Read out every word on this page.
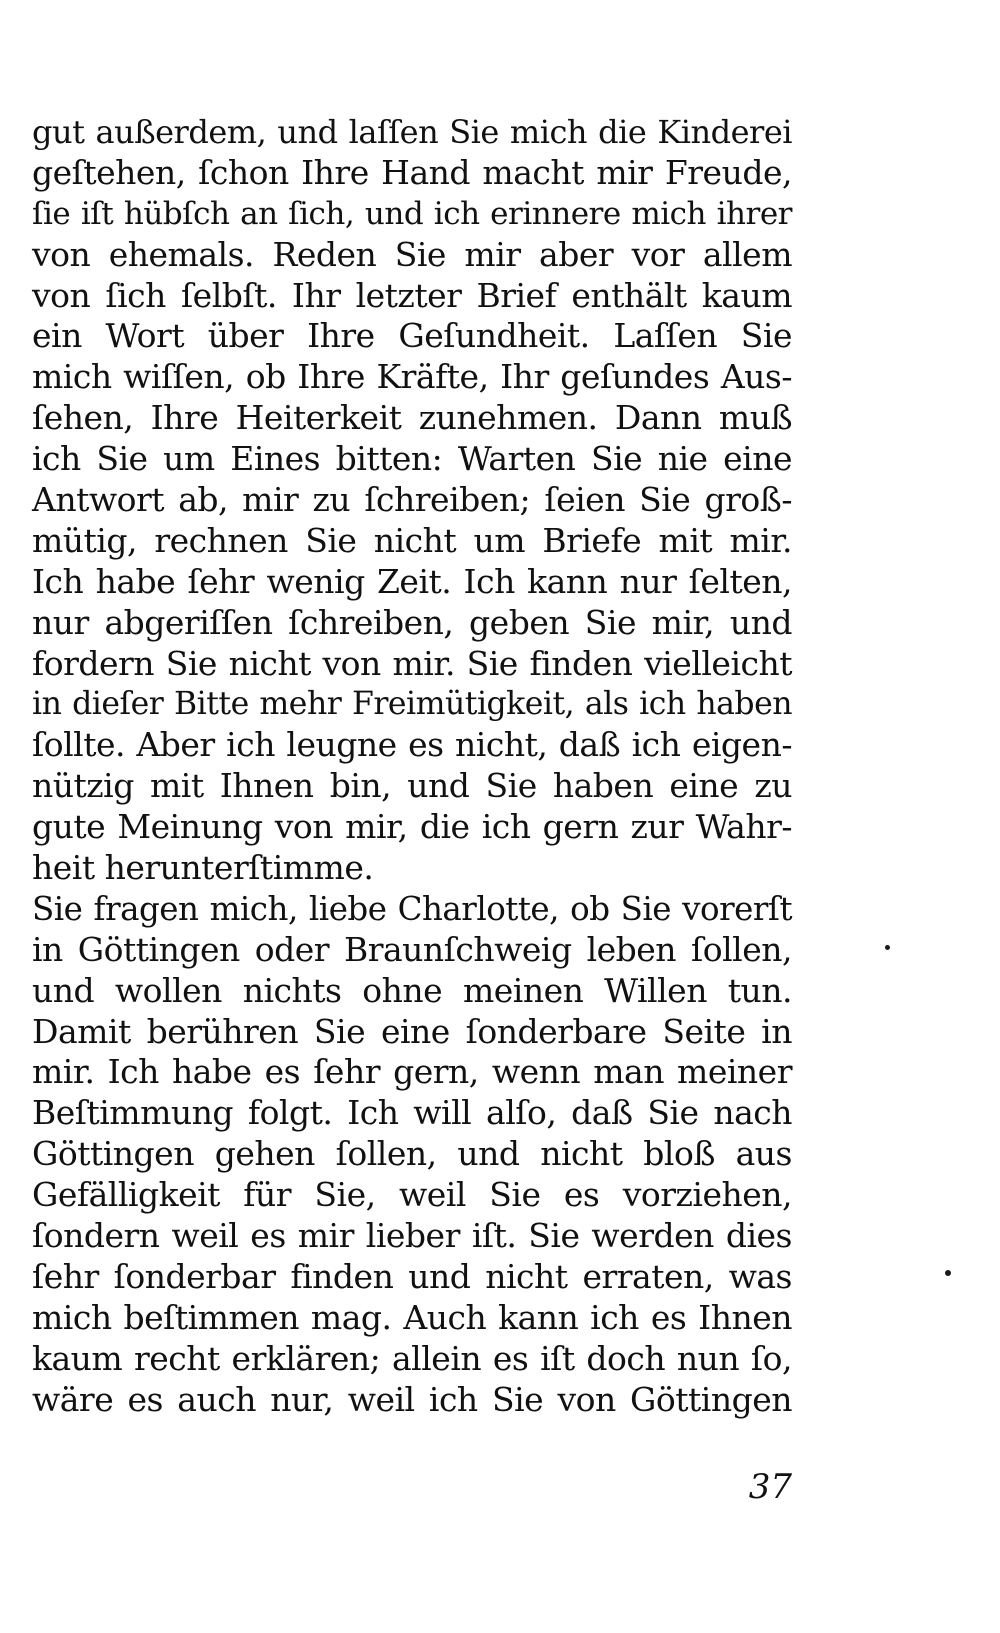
gut außerdem, und laſſen Sie mich die Kinderei
geſtehen, ſchon Ihre Hand macht mir Freude,
ſie iſt hübſch an ſich, und ich erinnere mich ihrer
von ehemals. Reden Sie mir aber vor allem
von ſich ſelbſt. Ihr letzter Brief enthält kaum
ein Wort über Ihre Geſundheit. Laſſen Sie
mich wiſſen, ob Ihre Kräfte, Ihr geſundes Aus-
ſehen, Ihre Heiterkeit zunehmen. Dann muß
ich Sie um Eines bitten: Warten Sie nie eine
Antwort ab, mir zu ſchreiben; ſeien Sie groß-
mütig, rechnen Sie nicht um Briefe mit mir.
Ich habe ſehr wenig Zeit. Ich kann nur ſelten,
nur abgeriſſen ſchreiben, geben Sie mir, und
fordern Sie nicht von mir. Sie finden vielleicht
in dieſer Bitte mehr Freimütigkeit, als ich haben
ſollte. Aber ich leugne es nicht, daß ich eigen-
nützig mit Ihnen bin, und Sie haben eine zu
gute Meinung von mir, die ich gern zur Wahr-
heit herunterſtimme.
Sie fragen mich, liebe Charlotte, ob Sie vorerſt
in Göttingen oder Braunſchweig leben ſollen,
und wollen nichts ohne meinen Willen tun.
Damit berühren Sie eine ſonderbare Seite in
mir. Ich habe es ſehr gern, wenn man meiner
Beſtimmung folgt. Ich will alſo, daß Sie nach
Göttingen gehen ſollen, und nicht bloß aus
Gefälligkeit für Sie, weil Sie es vorziehen,
ſondern weil es mir lieber iſt. Sie werden dies
ſehr ſonderbar finden und nicht erraten, was
mich beſtimmen mag. Auch kann ich es Ihnen
kaum recht erklären; allein es iſt doch nun ſo,
wäre es auch nur, weil ich Sie von Göttingen
37
